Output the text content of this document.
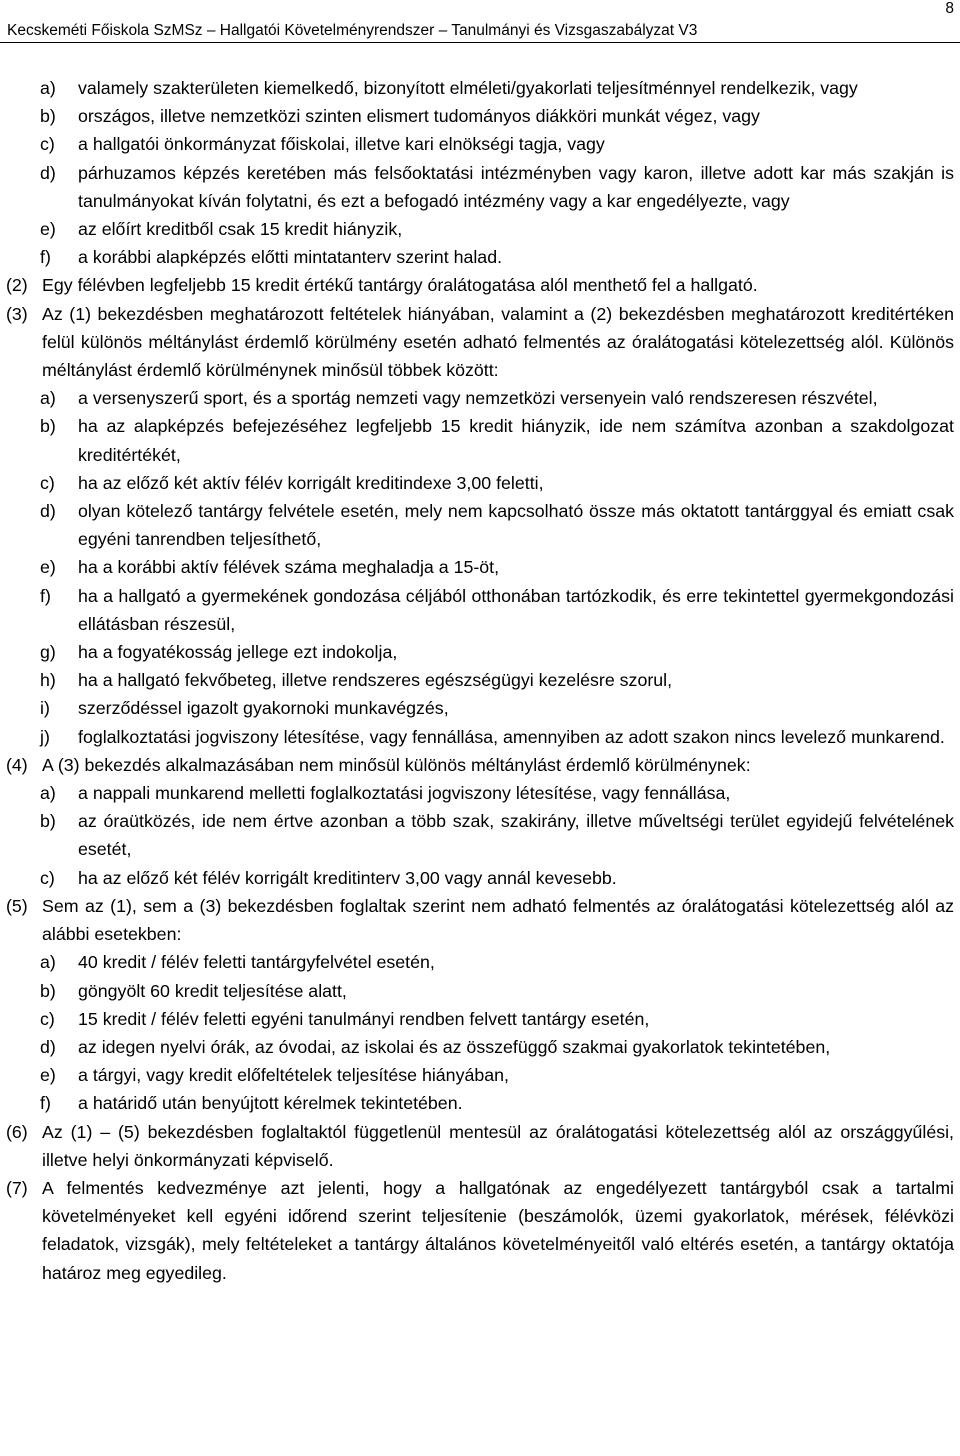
Kecskeméti Főiskola SzMSz – Hallgatói Követelményrendszer – Tanulmányi és Vizsgaszabályzat V3
8
a)	valamely szakterületen kiemelkedő, bizonyított elméleti/gyakorlati teljesítménnyel rendelkezik, vagy
b)	országos, illetve nemzetközi szinten elismert tudományos diákköri munkát végez, vagy
c)	a hallgatói önkormányzat főiskolai, illetve kari elnökségi tagja, vagy
d)	párhuzamos képzés keretében más felsőoktatási intézményben vagy karon, illetve adott kar más szakján is tanulmányokat kíván folytatni, és ezt a befogadó intézmény vagy a kar engedélyezte, vagy
e)	az előírt kreditből csak 15 kredit hiányzik,
f)	a korábbi alapképzés előtti mintatanterv szerint halad.
(2) Egy félévben legfeljebb 15 kredit értékű tantárgy óralátogatása alól menthető fel a hallgató.
(3) Az (1) bekezdésben meghatározott feltételek hiányában, valamint a (2) bekezdésben meghatározott kreditértéken felül különös méltánylást érdemlő körülmény esetén adható felmentés az óralátogatási kötelezettség alól. Különös méltánylást érdemlő körülménynek minősül többek között:
a)	a versenyszerű sport, és a sportág nemzeti vagy nemzetközi versenyein való rendszeresen részvétel,
b)	ha az alapképzés befejezéséhez legfeljebb 15 kredit hiányzik, ide nem számítva azonban a szakdolgozat kreditértékét,
c)	ha az előző két aktív félév korrigált kreditindexe 3,00 feletti,
d)	olyan kötelező tantárgy felvétele esetén, mely nem kapcsolható össze más oktatott tantárggyal és emiatt csak egyéni tanrendben teljesíthető,
e)	ha a korábbi aktív félévek száma meghaladja a 15-öt,
f)	ha a hallgató a gyermekének gondozása céljából otthonában tartózkodik, és erre tekintettel gyermekgondozási ellátásban részesül,
g)	ha a fogyatékosság jellege ezt indokolja,
h)	ha a hallgató fekvőbeteg, illetve rendszeres egészségügyi kezelésre szorul,
i)	szerződéssel igazolt gyakornoki munkavégzés,
j)	foglalkoztatási jogviszony létesítése, vagy fennállása, amennyiben az adott szakon nincs levelező munkarend.
(4) A (3) bekezdés alkalmazásában nem minősül különös méltánylást érdemlő körülménynek:
a)	a nappali munkarend melletti foglalkoztatási jogviszony létesítése, vagy fennállása,
b)	az óraütközés, ide nem értve azonban a több szak, szakirány, illetve műveltségi terület egyidejű felvételének esetét,
c)	ha az előző két félév korrigált kreditinterv 3,00 vagy annál kevesebb.
(5) Sem az (1), sem a (3) bekezdésben foglaltak szerint nem adható felmentés az óralátogatási kötelezettség alól az alábbi esetekben:
a)	40 kredit / félév feletti tantárgyfelvétel esetén,
b)	göngyölt 60 kredit teljesítése alatt,
c)	15 kredit / félév feletti egyéni tanulmányi rendben felvett tantárgy esetén,
d)	az idegen nyelvi órák, az óvodai, az iskolai és az összefüggő szakmai gyakorlatok tekintetében,
e)	a tárgyi, vagy kredit előfeltételek teljesítése hiányában,
f)	a határidő után benyújtott kérelmek tekintetében.
(6) Az (1) – (5) bekezdésben foglaltaktól függetlenül mentesül az óralátogatási kötelezettség alól az országgyűlési, illetve helyi önkormányzati képviselő.
(7) A felmentés kedvezménye azt jelenti, hogy a hallgatónak az engedélyezett tantárgyból csak a tartalmi követelményeket kell egyéni időrend szerint teljesítenie (beszámolók, üzemi gyakorlatok, mérések, félévközi feladatok, vizsgák), mely feltételeket a tantárgy általános követelményeitől való eltérés esetén, a tantárgy oktatója határoz meg egyedileg.
